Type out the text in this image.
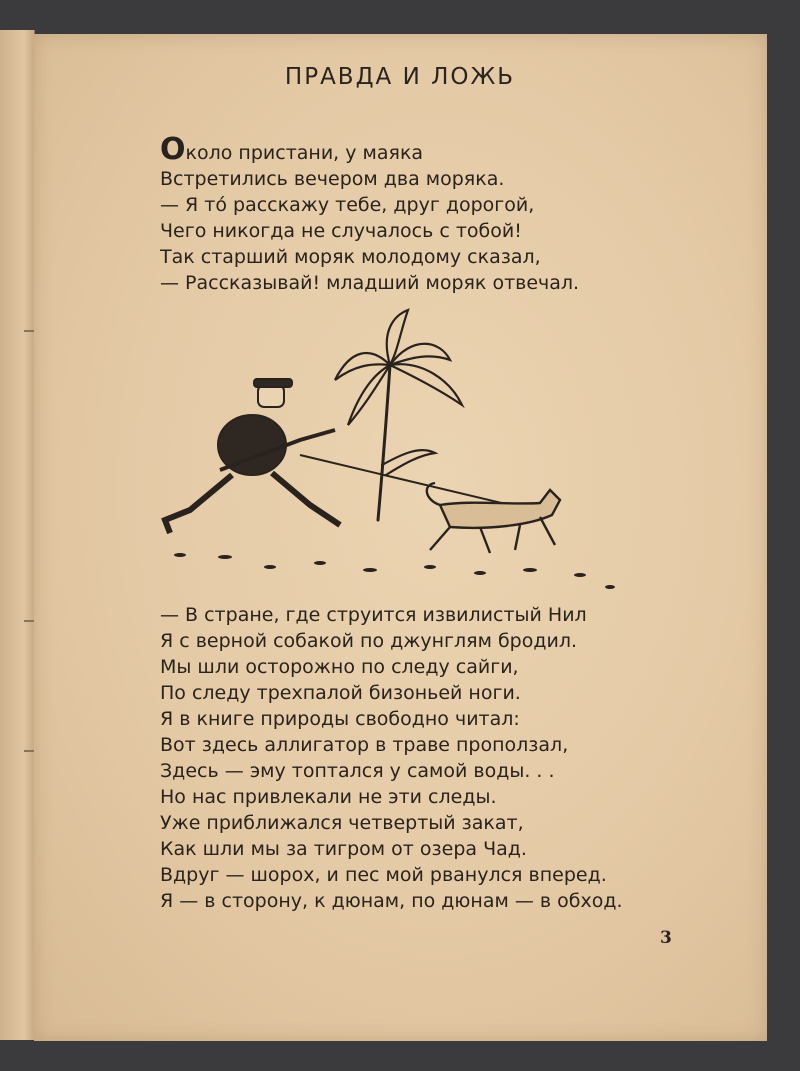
ПРАВДА И ЛОЖЬ
Около пристани, у маяка
Встретились вечером два моряка.
— Я то́ расскажу тебе, друг дорогой,
Чего никогда не случалось с тобой!
Так старший моряк молодому сказал,
— Рассказывай! младший моряк отвечал.
— В стране, где струится извилистый Нил
Я с верной собакой по джунглям бродил.
Мы шли осторожно по следу сайги,
По следу трехпалой бизоньей ноги.
Я в книге природы свободно читал:
Вот здесь аллигатор в траве проползал,
Здесь — эму топтался у самой воды. . .
Но нас привлекали не эти следы.
Уже приближался четвертый закат,
Как шли мы за тигром от озера Чад.
Вдруг — шорох, и пес мой рванулся вперед.
Я — в сторону, к дюнам, по дюнам — в обход.
3
